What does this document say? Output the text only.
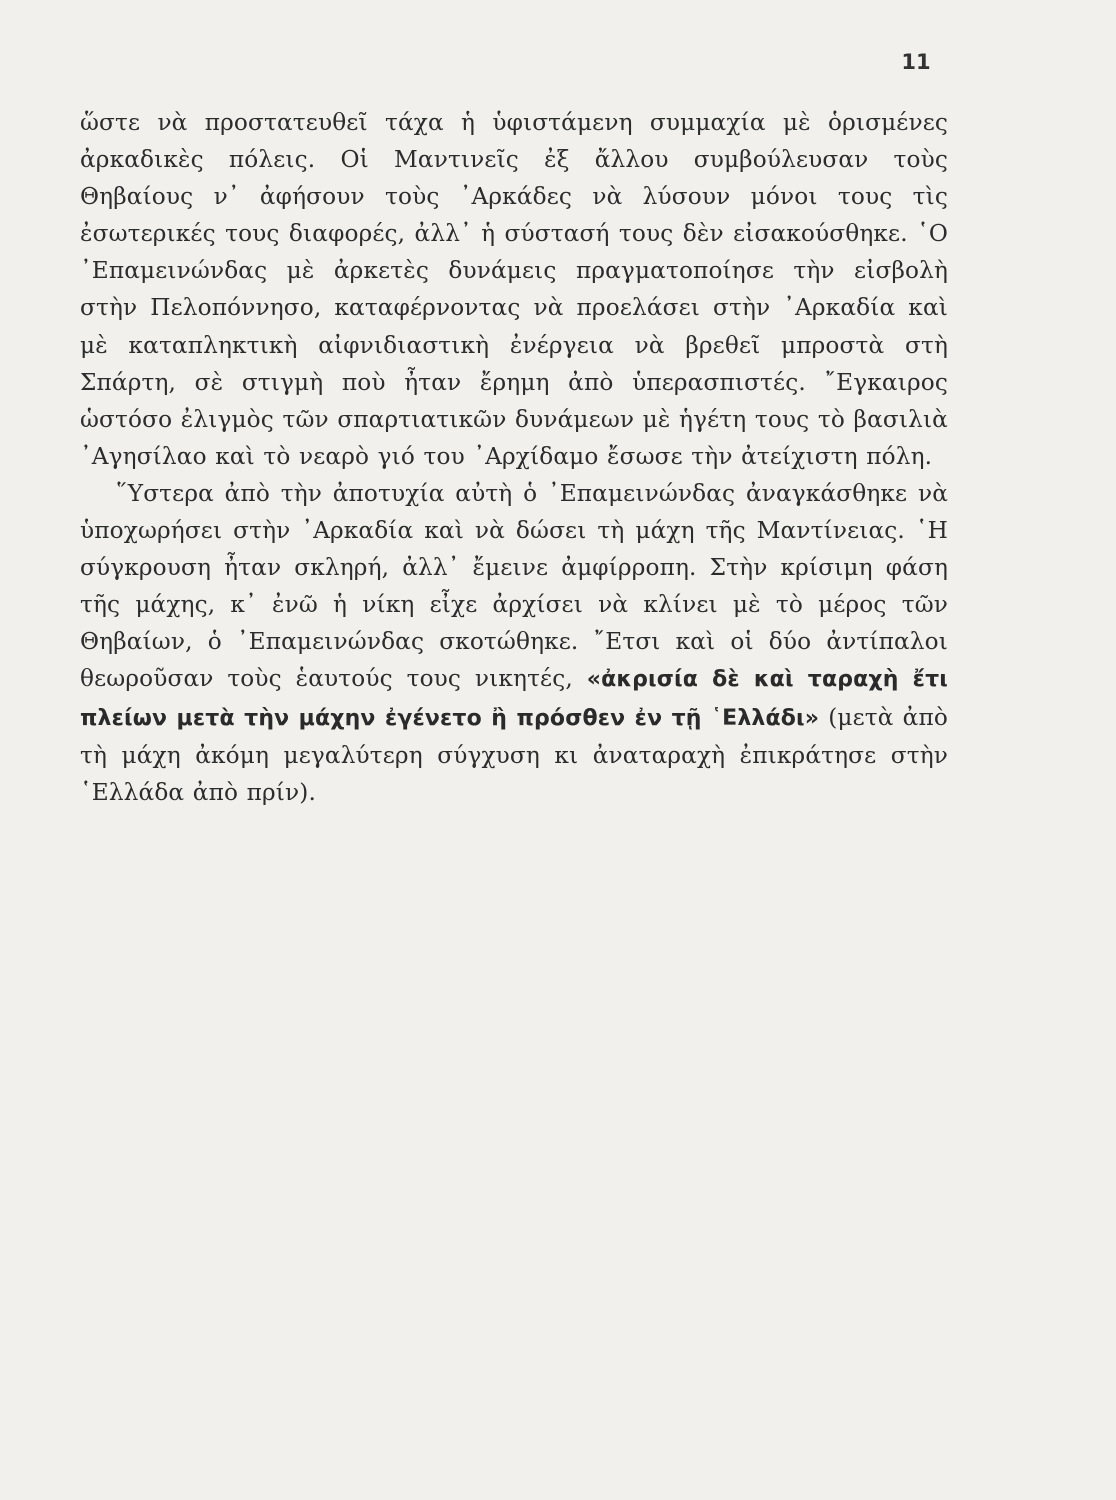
11

ὥστε νὰ προστατευθεῖ τάχα ἡ ὑφιστάμενη συμμαχία μὲ ὁρισμένες ἀρκαδικὲς πόλεις. Οἱ Μαντινεῖς ἐξ ἄλλου συμβούλευσαν τοὺς Θηβαίους ν᾽ ἀφήσουν τοὺς ᾽Αρκάδες νὰ λύσουν μόνοι τους τὶς ἐσωτερικές τους διαφορές, ἀλλ᾽ ἡ σύστασή τους δὲν εἰσακούσθηκε. ῾Ο ᾽Επαμεινώνδας μὲ ἀρκετὲς δυνάμεις πραγματοποίησε τὴν εἰσβολὴ στὴν Πελοπόννησο, καταφέρνοντας νὰ προελάσει στὴν ᾽Αρκαδία καὶ μὲ καταπληκτικὴ αἰφνιδιαστικὴ ἐνέργεια νὰ βρεθεῖ μπροστὰ στὴ Σπάρτη, σὲ στιγμὴ ποὺ ἦταν ἔρημη ἀπὸ ὑπερασπιστές. ῎Εγκαιρος ὡστόσο ἐλιγμὸς τῶν σπαρτιατικῶν δυνάμεων μὲ ἡγέτη τους τὸ βασιλιὰ ᾽Αγησίλαο καὶ τὸ νεαρὸ γιό του ᾽Αρχίδαμο ἔσωσε τὴν ἀτείχιστη πόλη.

῞Υστερα ἀπὸ τὴν ἀποτυχία αὐτὴ ὁ ᾽Επαμεινώνδας ἀναγκάσθηκε νὰ ὑποχωρήσει στὴν ᾽Αρκαδία καὶ νὰ δώσει τὴ μάχη τῆς Μαντίνειας. ῾Η σύγκρουση ἦταν σκληρή, ἀλλ᾽ ἔμεινε ἀμφίρροπη. Στὴν κρίσιμη φάση τῆς μάχης, κ᾽ ἐνῶ ἡ νίκη εἶχε ἀρχίσει νὰ κλίνει μὲ τὸ μέρος τῶν Θηβαίων, ὁ ᾽Επαμεινώνδας σκοτώθηκε. ῎Ετσι καὶ οἱ δύο ἀντίπαλοι θεωροῦσαν τοὺς ἑαυτούς τους νικητές, «ἀκρισία δὲ καὶ ταραχὴ ἔτι πλείων μετὰ τὴν μάχην ἐγένετο ἢ πρόσθεν ἐν τῇ ῾Ελλάδι» (μετὰ ἀπὸ τὴ μάχη ἀκόμη μεγαλύτερη σύγχυση κι ἀναταραχὴ ἐπικράτησε στὴν ῾Ελλάδα ἀπὸ πρίν).
